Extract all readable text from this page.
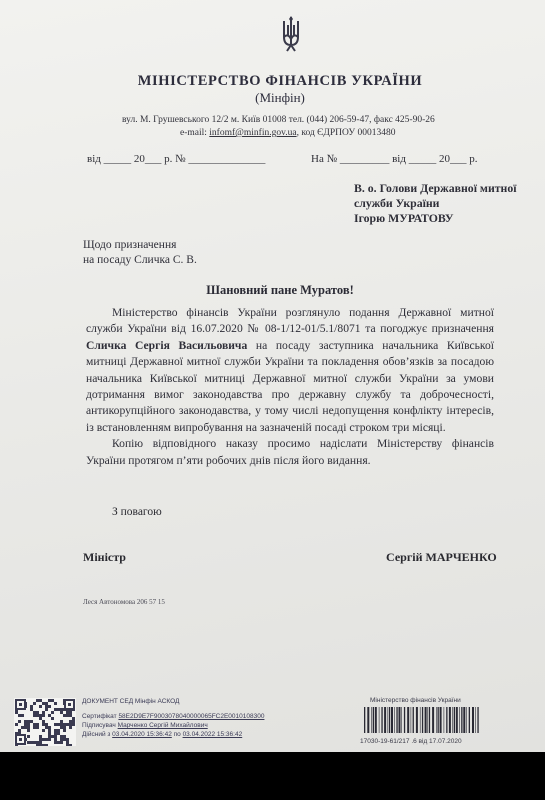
МІНІСТЕРСТВО ФІНАНСІВ УКРАЇНИ
(Мінфін)
вул. М. Грушевського 12/2 м. Київ 01008 тел. (044) 206-59-47, факс 425-90-26
e-mail: infomf@minfin.gov.ua, код ЄДРПОУ 00013480
від _____ 20___ р. № ______________	На № _________ від _____ 20___ р.
В. о. Голови Державної митної
служби України
Ігорю МУРАТОВУ
Щодо призначення
на посаду Сличка С. В.
Шановний пане Муратов!

Міністерство фінансів України розглянуло подання Державної митної служби України від 16.07.2020 № 08-1/12-01/5.1/8071 та погоджує призначення Сличка Сергія Васильовича на посаду заступника начальника Київської митниці Державної митної служби України та покладення обов’язків за посадою начальника Київської митниці Державної митної служби України за умови дотримання вимог законодавства про державну службу та доброчесності, антикорупційного законодавства, у тому числі недопущення конфлікту інтересів, із встановленням випробування на зазначеній посаді строком три місяці.

Копію відповідного наказу просимо надіслати Міністерству фінансів України протягом п’яти робочих днів після його видання.

З повагою
Міністр	Сергій МАРЧЕНКО
Леся Автономова 206 57 15
ДОКУМЕНТ СЕД Мінфін АСКОД
Сертифікат 58E2D9E7F9003078040000065FC2E0010108300
Підписувач Марченко Сергій Михайлович
Дійсний з 03.04.2020 15:36:42 по 03.04.2022 15:36:42
Міністерство фінансів України
17030-19-61/217 .6 від 17.07.2020
